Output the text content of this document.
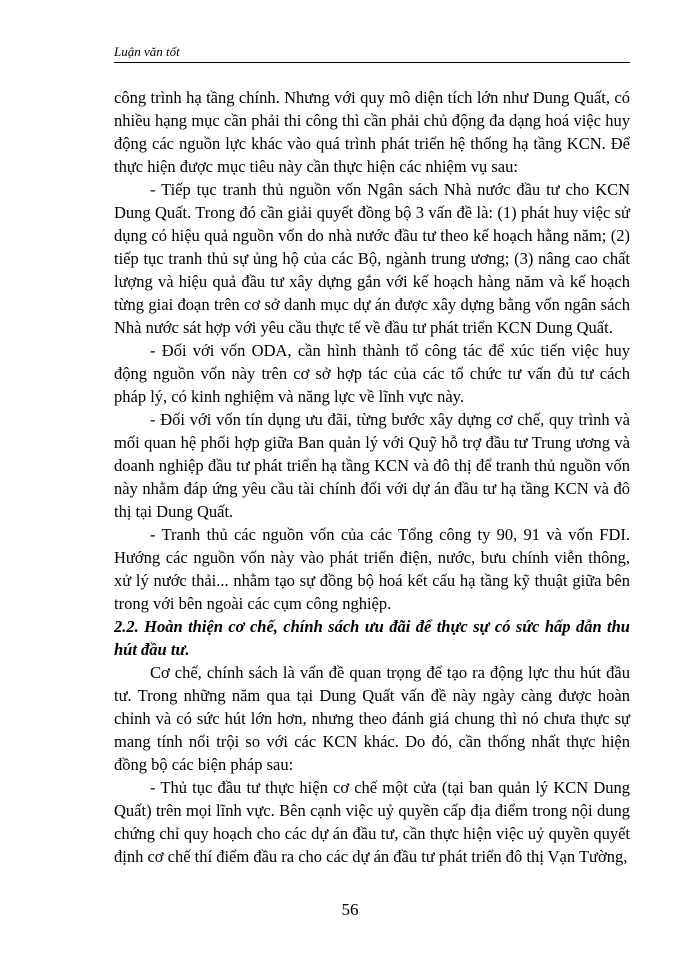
Luận văn tốt

công trình hạ tầng chính. Nhưng với quy mô diện tích lớn như Dung Quất, có nhiều hạng mục cần phải thi công thì cần phải chủ động đa dạng hoá việc huy động các nguồn lực khác vào quá trình phát triển hệ thống hạ tầng KCN. Để thực hiện được mục tiêu này cần thực hiện các nhiệm vụ sau:

- Tiếp tục tranh thủ nguồn vốn Ngân sách Nhà nước đầu tư cho KCN Dung Quất. Trong đó cần giải quyết đồng bộ 3 vấn đề là: (1) phát huy việc sử dụng có hiệu quả nguồn vốn do nhà nước đầu tư theo kế hoạch hằng năm; (2) tiếp tục tranh thủ sự ủng hộ của các Bộ, ngành trung ương; (3) nâng cao chất lượng và hiệu quả đầu tư xây dựng gắn với kế hoạch hàng năm và kế hoạch từng giai đoạn trên cơ sở danh mục dự án được xây dựng bằng vốn ngân sách Nhà nước sát hợp với yêu cầu thực tế về đầu tư phát triển KCN Dung Quất.

- Đối với vốn ODA, cần hình thành tổ công tác để xúc tiến việc huy động nguồn vốn này trên cơ sở hợp tác của các tổ chức tư vấn đủ tư cách pháp lý, có kinh nghiệm và năng lực về lĩnh vực này.

- Đối với vốn tín dụng ưu đãi, từng bước xây dựng cơ chế, quy trình và mối quan hệ phối hợp giữa Ban quản lý với Quỹ hỗ trợ đầu tư Trung ương và doanh nghiệp đầu tư phát triển hạ tầng KCN và đô thị để tranh thủ nguồn vốn này nhằm đáp ứng yêu cầu tài chính đối với dự án đầu tư hạ tầng KCN và đô thị tại Dung Quất.

- Tranh thủ các nguồn vốn của các Tổng công ty 90, 91 và vốn FDI. Hướng các nguồn vốn này vào phát triển điện, nước, bưu chính viễn thông, xử lý nước thải... nhằm tạo sự đồng bộ hoá kết cấu hạ tầng kỹ thuật giữa bên trong với bên ngoài các cụm công nghiệp.

2.2. Hoàn thiện cơ chế, chính sách ưu đãi để thực sự có sức hấp dẫn thu hút đầu tư.

Cơ chế, chính sách là vấn đề quan trọng để tạo ra động lực thu hút đầu tư. Trong những năm qua tại Dung Quất vấn đề này ngày càng được hoàn chỉnh và có sức hút lớn hơn, nhưng theo đánh giá chung thì nó chưa thực sự mang tính nổi trội so với các KCN khác. Do đó, cần thống nhất thực hiện đồng bộ các biện pháp sau:

- Thủ tục đầu tư thực hiện cơ chế một cửa (tại ban quản lý KCN Dung Quất) trên mọi lĩnh vực. Bên cạnh việc uỷ quyền cấp địa điểm trong nội dung chứng chỉ quy hoạch cho các dự án đầu tư, cần thực hiện việc uỷ quyền quyết định cơ chế thí điểm đầu ra cho các dự án đầu tư phát triển đô thị Vạn Tường,

56
